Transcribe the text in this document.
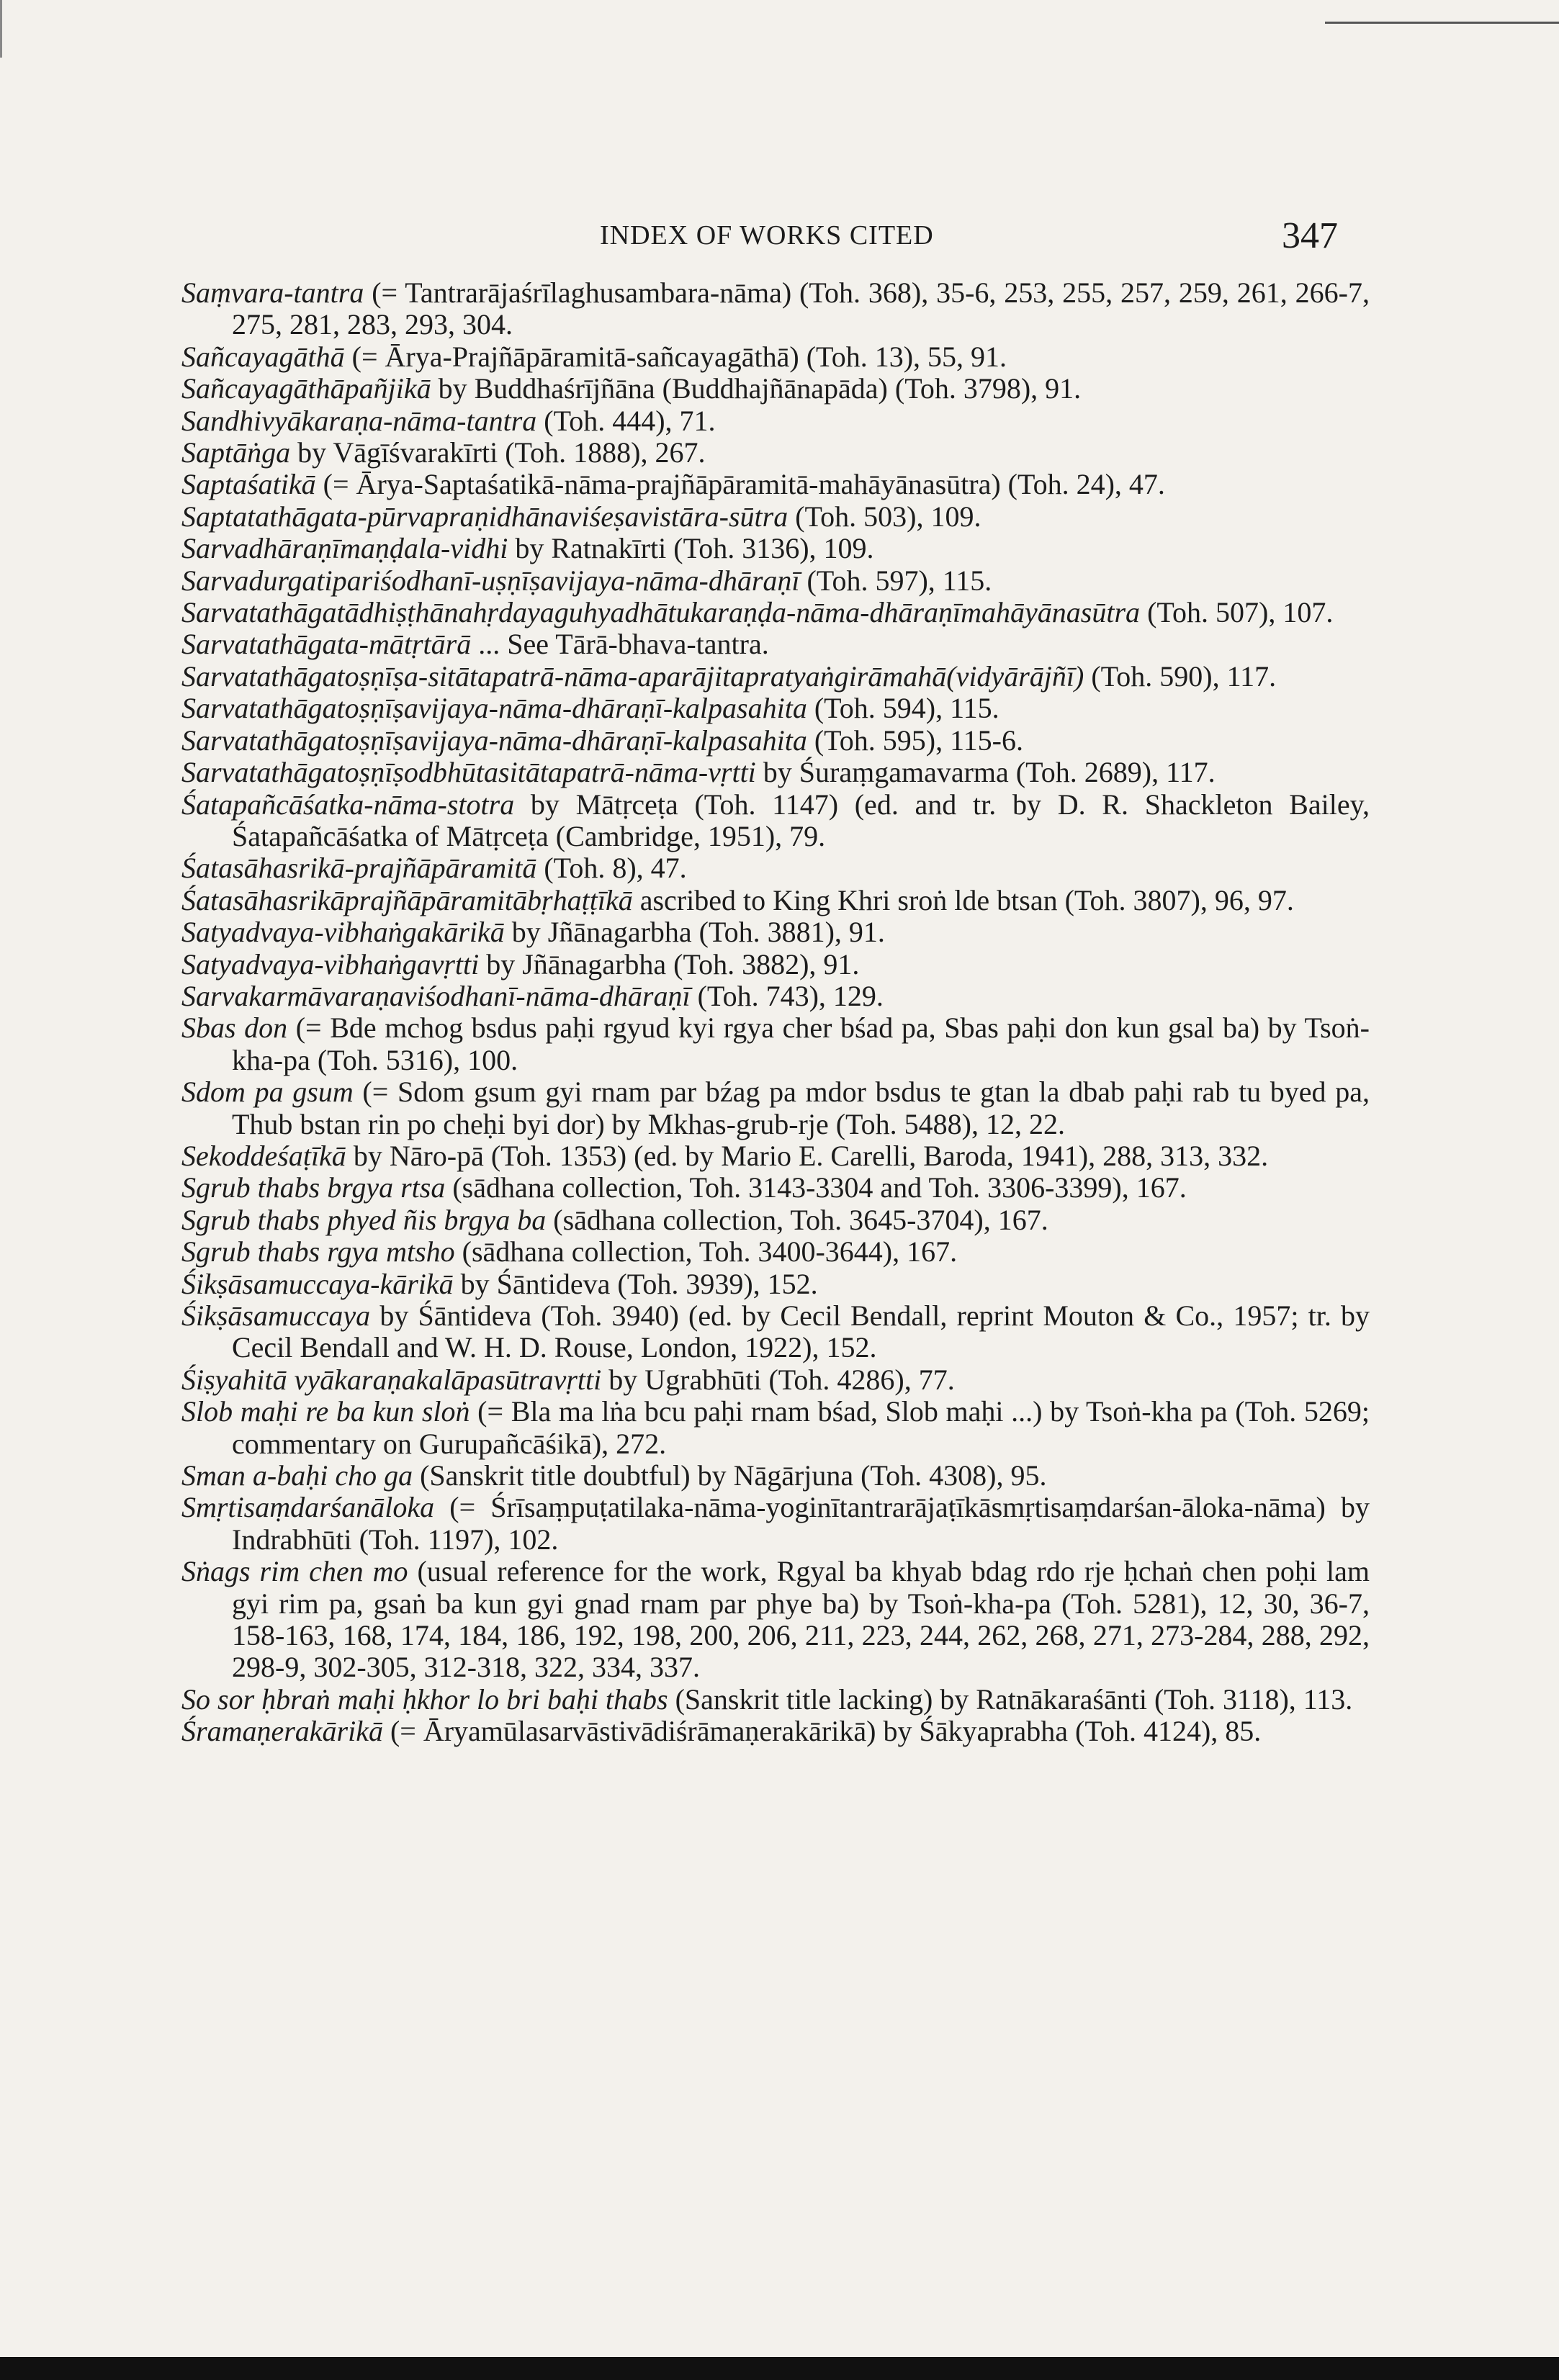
INDEX OF WORKS CITED	347
Saṃvara-tantra (= Tantrarājaśrīlaghusambara-nāma) (Toh. 368), 35-6, 253, 255, 257, 259, 261, 266-7, 275, 281, 283, 293, 304.
Sañcayagāthā (= Ārya-Prajñāpāramitā-sañcayagāthā) (Toh. 13), 55, 91.
Sañcayagāthāpañjikā by Buddhaśrījñāna (Buddhajñānapāda) (Toh. 3798), 91.
Sandhivyākaraṇa-nāma-tantra (Toh. 444), 71.
Saptāṅga by Vāgīśvarakīrti (Toh. 1888), 267.
Saptaśatikā (= Ārya-Saptaśatikā-nāma-prajñāpāramitā-mahāyānasūtra) (Toh. 24), 47.
Saptatathāgata-pūrvapraṇidhānaviśeṣavistāra-sūtra (Toh. 503), 109.
Sarvadhāraṇīmaṇḍala-vidhi by Ratnakīrti (Toh. 3136), 109.
Sarvadurgatipariśodhanī-uṣṇīṣavijaya-nāma-dhāraṇī (Toh. 597), 115.
Sarvatathāgatādhiṣṭhānahṛdayaguhyadhātukaraṇḍa-nāma-dhāraṇīmahāyānasūtra (Toh. 507), 107.
Sarvatathāgata-mātṛtārā ... See Tārā-bhava-tantra.
Sarvatathāgatoṣṇīṣa-sitātapatrā-nāma-aparājitapratyaṅgirāmahā(vidyārājñī) (Toh. 590), 117.
Sarvatathāgatoṣṇīṣavijaya-nāma-dhāraṇī-kalpasahita (Toh. 594), 115.
Sarvatathāgatoṣṇīṣavijaya-nāma-dhāraṇī-kalpasahita (Toh. 595), 115-6.
Sarvatathāgatoṣṇīṣodbhūtasitātapatrā-nāma-vṛtti by Śuraṃgamavarma (Toh. 2689), 117.
Śatapañcāśatka-nāma-stotra by Mātṛceṭa (Toh. 1147) (ed. and tr. by D. R. Shackleton Bailey, Śatapañcāśatka of Mātṛceṭa (Cambridge, 1951), 79.
Śatasāhasrikā-prajñāpāramitā (Toh. 8), 47.
Śatasāhasrikāprajñāpāramitābṛhaṭṭīkā ascribed to King Khri sroṅ lde btsan (Toh. 3807), 96, 97.
Satyadvaya-vibhaṅgakārikā by Jñānagarbha (Toh. 3881), 91.
Satyadvaya-vibhaṅgavṛtti by Jñānagarbha (Toh. 3882), 91.
Sarvakarmāvaraṇaviśodhanī-nāma-dhāraṇī (Toh. 743), 129.
Sbas don (= Bde mchog bsdus paḥi rgyud kyi rgya cher bśad pa, Sbas paḥi don kun gsal ba) by Tsoṅ-kha-pa (Toh. 5316), 100.
Sdom pa gsum (= Sdom gsum gyi rnam par bźag pa mdor bsdus te gtan la dbab paḥi rab tu byed pa, Thub bstan rin po cheḥi byi dor) by Mkhas-grub-rje (Toh. 5488), 12, 22.
Sekoddeśaṭīkā by Nāro-pā (Toh. 1353) (ed. by Mario E. Carelli, Baroda, 1941), 288, 313, 332.
Sgrub thabs brgya rtsa (sādhana collection, Toh. 3143-3304 and Toh. 3306-3399), 167.
Sgrub thabs phyed ñis brgya ba (sādhana collection, Toh. 3645-3704), 167.
Sgrub thabs rgya mtsho (sādhana collection, Toh. 3400-3644), 167.
Śikṣāsamuccaya-kārikā by Śāntideva (Toh. 3939), 152.
Śikṣāsamuccaya by Śāntideva (Toh. 3940) (ed. by Cecil Bendall, reprint Mouton & Co., 1957; tr. by Cecil Bendall and W. H. D. Rouse, London, 1922), 152.
Śiṣyahitā vyākaraṇakalāpasūtravṛtti by Ugrabhūti (Toh. 4286), 77.
Slob maḥi re ba kun sloṅ (= Bla ma lṅa bcu paḥi rnam bśad, Slob maḥi ...) by Tsoṅ-kha pa (Toh. 5269; commentary on Gurupañcāśikā), 272.
Sman a-baḥi cho ga (Sanskrit title doubtful) by Nāgārjuna (Toh. 4308), 95.
Smṛtisaṃdarśanāloka (= Śrīsaṃpuṭatilaka-nāma-yoginītantrarājaṭīkāsmṛtisaṃdarśan-āloka-nāma) by Indrabhūti (Toh. 1197), 102.
Sṅags rim chen mo (usual reference for the work, Rgyal ba khyab bdag rdo rje ḥchaṅ chen poḥi lam gyi rim pa, gsaṅ ba kun gyi gnad rnam par phye ba) by Tsoṅ-kha-pa (Toh. 5281), 12, 30, 36-7, 158-163, 168, 174, 184, 186, 192, 198, 200, 206, 211, 223, 244, 262, 268, 271, 273-284, 288, 292, 298-9, 302-305, 312-318, 322, 334, 337.
So sor ḥbraṅ maḥi ḥkhor lo bri baḥi thabs (Sanskrit title lacking) by Ratnākaraśānti (Toh. 3118), 113.
Śramaṇerakārikā (= Āryamūlasarvāstivādiśrāmaṇerakārikā) by Śākyaprabha (Toh. 4124), 85.
